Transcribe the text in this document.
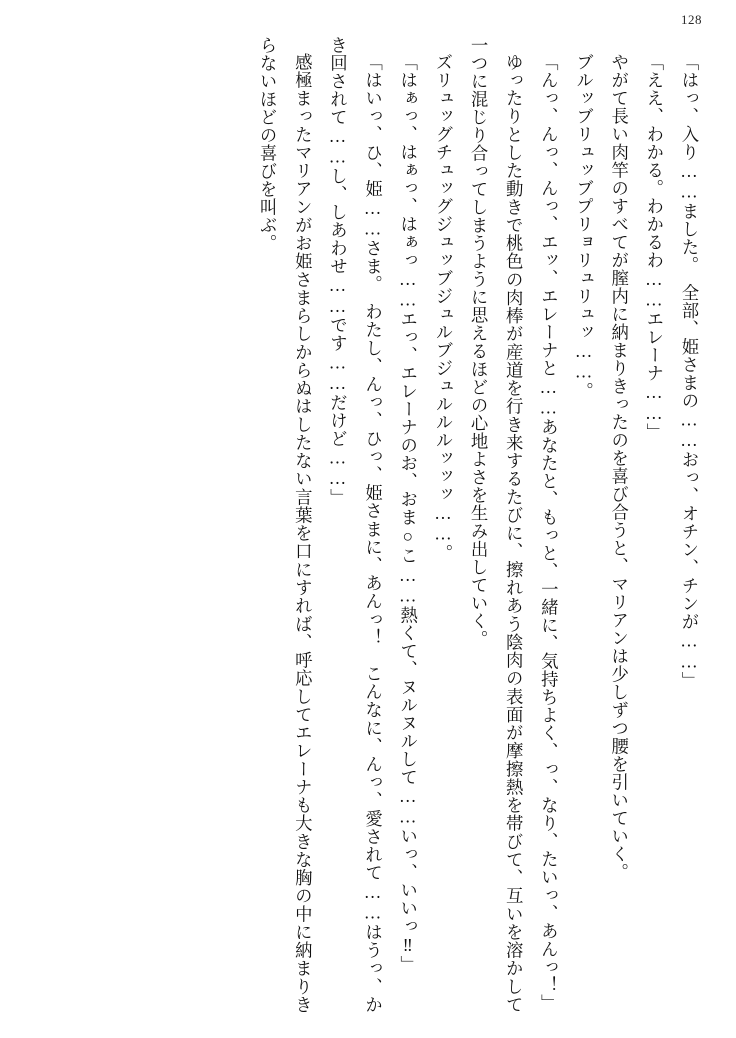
128

「はっ、入り……ました。　全部、姫さまの……おっ、オチン、チンが……」

「ええ、わかる。わかるわ……エレーナ……」

やがて長い肉竿のすべてが膣内に納まりきったのを喜び合うと、マリアンは少しずつ腰を引いていく。

ブルッブリュッブプリョリュリュッ……。

「んっ、んっ、んっ、エッ、エレーナと……あなたと、もっと、一緒に、気持ちよく、っ、なり、たいっ、あんっ！」

ゆったりとした動きで桃色の肉棒が産道を行き来するたびに、擦れあう陰肉の表面が摩擦熱を帯びて、互いを溶かして一つに混じり合ってしまうように思えるほどの心地よさを生み出していく。

ズリュッグチュッグジュッブジュルブジュルルルッッッ……。

「はぁっ、はぁっ、はぁっ……エっ、エレーナのお、おま○こ……熱くて、ヌルヌルして……いっ、いいっ‼」

「はいっ、ひ、姫……さま。　わたし、んっ、ひっ、姫さまに、あんっ！　こんなに、んっ、愛されて……はうっ、かき回されて……し、しあわせ……です……だけど……」

感極まったマリアンがお姫さまらしからぬはしたない言葉を口にすれば、呼応してエレーナも大きな胸の中に納まりきらないほどの喜びを叫ぶ。
